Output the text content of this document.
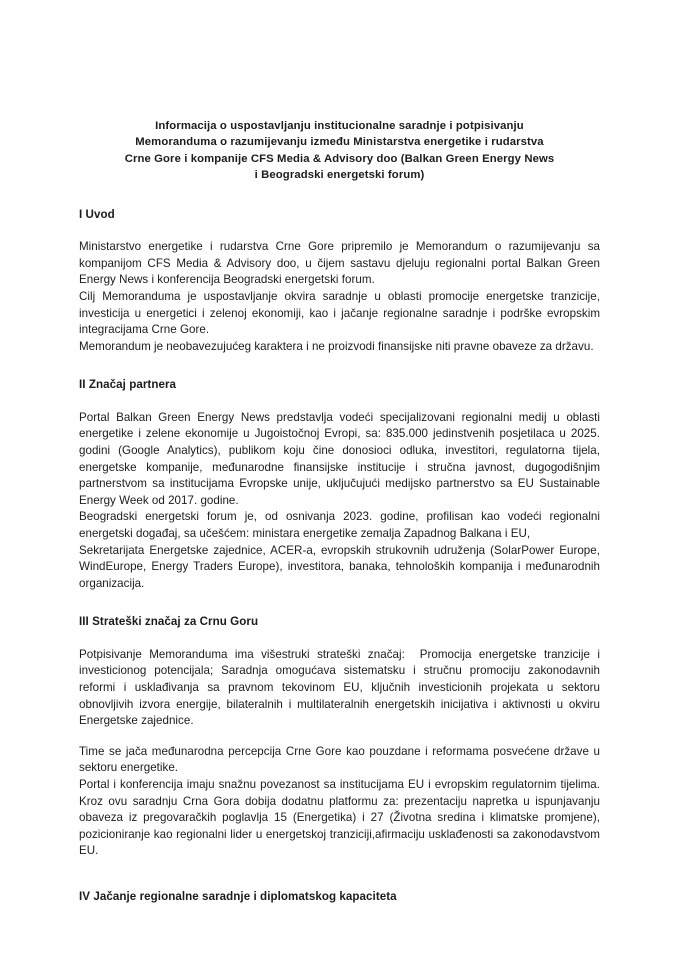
Informacija o uspostavljanju institucionalne saradnje i potpisivanju
Memoranduma o razumijevanju između Ministarstva energetike i rudarstva
Crne Gore i kompanije CFS Media & Advisory doo (Balkan Green Energy News
i Beogradski energetski forum)
I Uvod

Ministarstvo energetike i rudarstva Crne Gore pripremilo je Memorandum o razumijevanju sa kompanijom CFS Media & Advisory doo, u čijem sastavu djeluju regionalni portal Balkan Green Energy News i konferencija Beogradski energetski forum.

Cilj Memoranduma je uspostavljanje okvira saradnje u oblasti promocije energetske tranzicije, investicija u energetici i zelenoj ekonomiji, kao i jačanje regionalne saradnje i podrške evropskim integracijama Crne Gore.

Memorandum je neobavezujućeg karaktera i ne proizvodi finansijske niti pravne obaveze za državu.

II Značaj partnera

Portal Balkan Green Energy News predstavlja vodeći specijalizovani regionalni medij u oblasti energetike i zelene ekonomije u Jugoistočnoj Evropi, sa: 835.000 jedinstvenih posjetilaca u 2025. godini (Google Analytics), publikom koju čine donosioci odluka, investitori, regulatorna tijela, energetske kompanije, međunarodne finansijske institucije i stručna javnost, dugogodišnjim partnerstvom sa institucijama Evropske unije, uključujući medijsko partnerstvo sa EU Sustainable Energy Week od 2017. godine.

Beogradski energetski forum je, od osnivanja 2023. godine, profilisan kao vodeći regionalni energetski događaj, sa učešćem: ministara energetike zemalja Zapadnog Balkana i EU,

Sekretarijata Energetske zajednice, ACER-a, evropskih strukovnih udruženja (SolarPower Europe, WindEurope, Energy Traders Europe), investitora, banaka, tehnoloških kompanija i međunarodnih organizacija.

III Strateški značaj za Crnu Goru

Potpisivanje Memoranduma ima višestruki strateški značaj:  Promocija energetske tranzicije i investicionog potencijala; Saradnja omogućava sistematsku i stručnu promociju zakonodavnih reformi i usklađivanja sa pravnom tekovinom EU, ključnih investicionih projekata u sektoru obnovljivih izvora energije, bilateralnih i multilateralnih energetskih inicijativa i aktivnosti u okviru Energetske zajednice.

Time se jača međunarodna percepcija Crne Gore kao pouzdane i reformama posvećene države u sektoru energetike.

Portal i konferencija imaju snažnu povezanost sa institucijama EU i evropskim regulatornim tijelima. Kroz ovu saradnju Crna Gora dobija dodatnu platformu za: prezentaciju napretka u ispunjavanju obaveza iz pregovaračkih poglavlja 15 (Energetika) i 27 (Životna sredina i klimatske promjene), pozicioniranje kao regionalni lider u energetskoj tranziciji,afirmaciju usklađenosti sa zakonodavstvom EU.

IV Jačanje regionalne saradnje i diplomatskog kapaciteta
